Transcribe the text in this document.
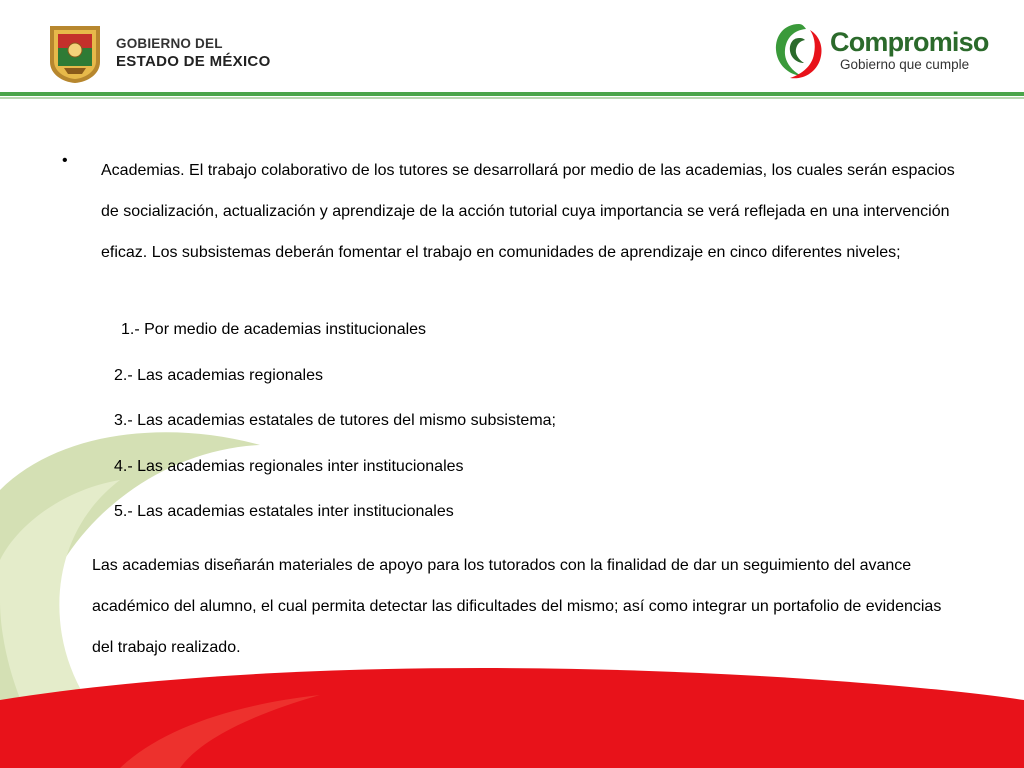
GOBIERNO DEL
ESTADO DE MÉXICO
Compromiso
Gobierno que cumple
•

Academias. El trabajo colaborativo de los tutores se desarrollará por medio de las academias, los cuales serán espacios de socialización, actualización y aprendizaje de la acción tutorial cuya importancia se verá reflejada en una intervención eficaz. Los subsistemas deberán fomentar el trabajo en comunidades de aprendizaje en cinco diferentes niveles;

1.- Por medio de academias institucionales

2.- Las academias regionales

3.- Las academias estatales de tutores del mismo subsistema;

4.- Las academias regionales inter institucionales

5.- Las academias estatales inter institucionales

Las academias diseñarán materiales de apoyo para los tutorados con la finalidad de dar un seguimiento del avance académico del alumno, el cual permita detectar las dificultades del mismo; así como integrar un portafolio de evidencias del trabajo realizado.
